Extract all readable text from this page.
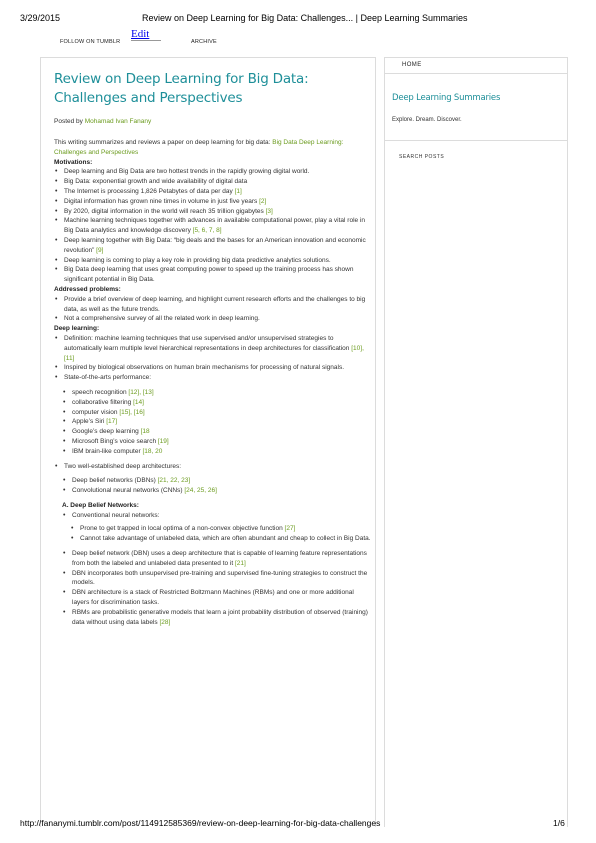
3/29/2015	Review on Deep Learning for Big Data: Challenges... | Deep Learning Summaries
FOLLOW ON TUMBLR
Edit
ARCHIVE
Review on Deep Learning for Big Data: Challenges and Perspectives
Posted by Mohamad Ivan Fanany

This writing summarizes and reviews a paper on deep learning for big data: Big Data Deep Learning: Challenges and Perspectives

Motivations:

• Deep learning and Big Data are two hottest trends in the rapidly growing digital world.
• Big Data: exponential growth and wide availability of digital data
• The Internet is processing 1,826 Petabytes of data per day [1]
• Digital information has grown nine times in volume in just five years [2]
• By 2020, digital information in the world will reach 35 trillion gigabytes [3]
• Machine learning techniques together with advances in available computational power, play a vital role in Big Data analytics and knowledge discovery [5, 6, 7, 8]
• Deep learning together with Big Data: “big deals and the bases for an American innovation and economic revolution” [9]
• Deep learning is coming to play a key role in providing big data predictive analytics solutions.
• Big Data deep learning that uses great computing power to speed up the training process has shown significant potential in Big Data.

Addressed problems:

• Provide a brief overview of deep learning, and highlight current research efforts and the challenges to big data, as well as the future trends.
• Not a comprehensive survey of all the related work in deep learning.

Deep learning:

• Definition: machine learning techniques that use supervised and/or unsupervised strategies to automatically learn multiple level hierarchical representations in deep architectures for classification [10], [11]
• Inspired by biological observations on human brain mechanisms for processing of natural signals.
• State-of-the-arts performance:
• speech recognition [12], [13]
• collaborative filtering [14]
• computer vision [15], [16]
• Apple’s Siri [17]
• Google’s deep learning [18
• Microsoft Bing’s voice search [19]
• IBM brain-like computer [18, 20
• Two well-established deep architectures:
• Deep belief networks (DBNs) [21, 22, 23]
• Convolutional neural networks (CNNs) [24, 25, 26]

A. Deep Belief Networks:

• Conventional neural networks:
• Prone to get trapped in local optima of a non-convex objective function [27]
• Cannot take advantage of unlabeled data, which are often abundant and cheap to collect in Big Data.
• Deep belief network (DBN) uses a deep architecture that is capable of learning feature representations from both the labeled and unlabeled data presented to it [21]
• DBN incorporates both unsupervised pre-training and supervised fine-tuning strategies to construct the models.
• DBN architecture is a stack of Restricted Boltzmann Machines (RBMs) and one or more additional layers for discrimination tasks.
• RBMs are probabilistic generative models that learn a joint probability distribution of observed (training) data without using data labels [28]
HOME
Deep Learning Summaries
Explore. Dream. Discover.
SEARCH POSTS
http://fananymi.tumblr.com/post/114912585369/review-on-deep-learning-for-big-data-challenges	1/6
